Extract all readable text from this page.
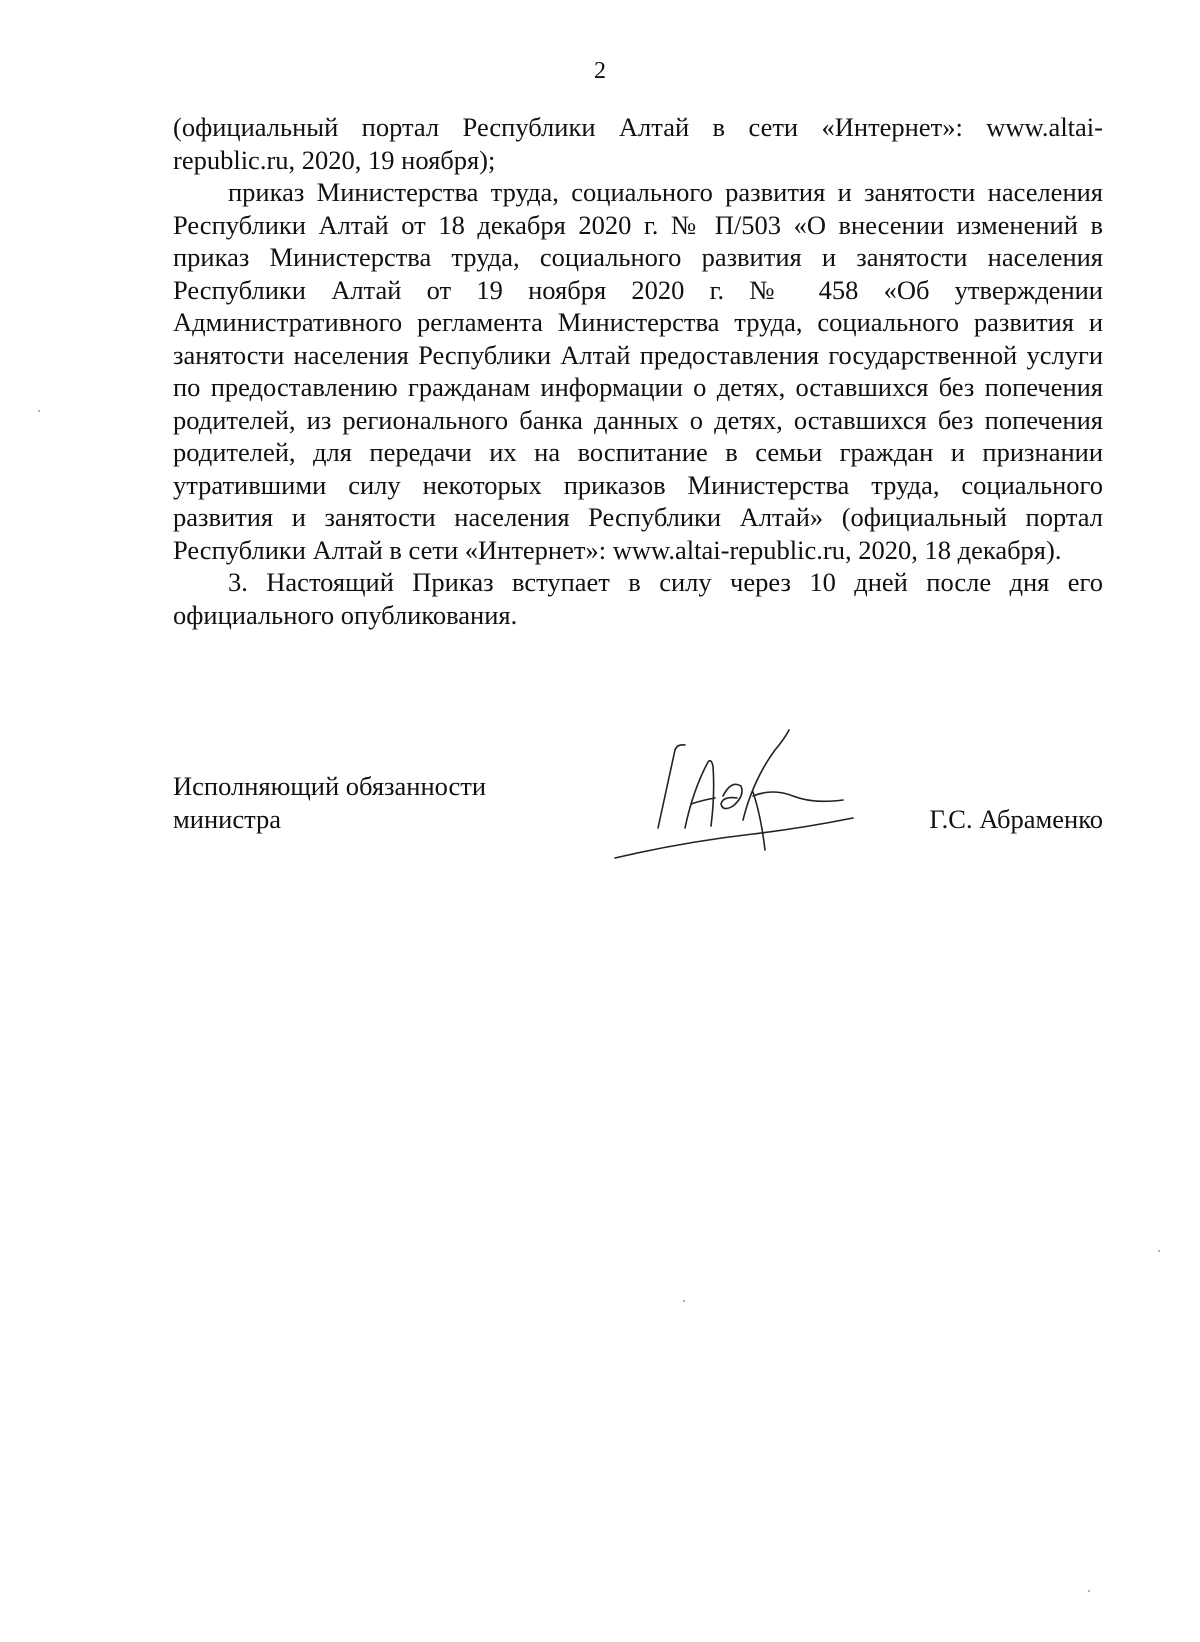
2

(официальный портал Республики Алтай в сети «Интернет»: www.altai-republic.ru, 2020, 19 ноября);

приказ Министерства труда, социального развития и занятости населения Республики Алтай от 18 декабря 2020 г. № П/503 «О внесении изменений в приказ Министерства труда, социального развития и занятости населения Республики Алтай от 19 ноября 2020 г. № 458 «Об утверждении Административного регламента Министерства труда, социального развития и занятости населения Республики Алтай предоставления государственной услуги по предоставлению гражданам информации о детях, оставшихся без попечения родителей, из регионального банка данных о детях, оставшихся без попечения родителей, для передачи их на воспитание в семьи граждан и признании утратившими силу некоторых приказов Министерства труда, социального развития и занятости населения Республики Алтай» (официальный портал Республики Алтай в сети «Интернет»: www.altai-republic.ru, 2020, 18 декабря).

3. Настоящий Приказ вступает в силу через 10 дней после дня его официального опубликования.

Исполняющий обязанности
министра	Г.С. Абраменко
